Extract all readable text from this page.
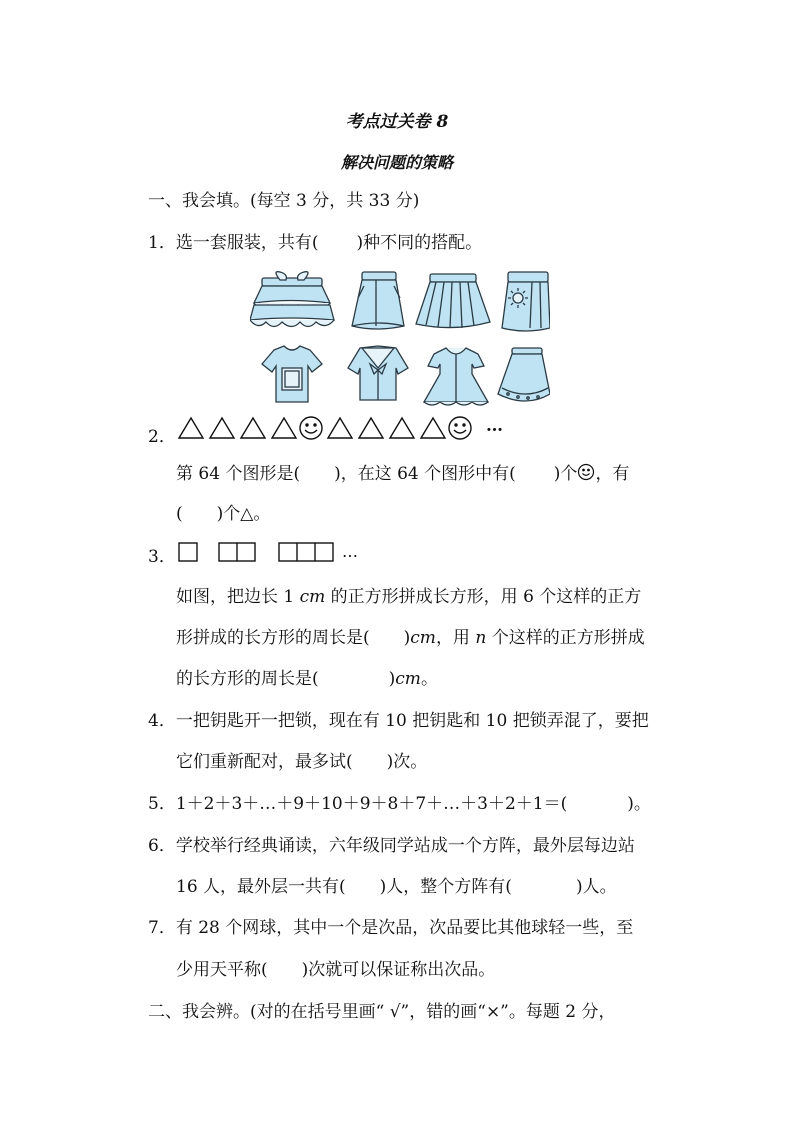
考点过关卷 8
解决问题的策略
一、我会填。(每空 3 分，共 33 分)
1．选一套服装，共有( )种不同的搭配。
2．
…
第 64 个图形是( )，在这 64 个图形中有( )个 ，有
( )个△。
3．	…
如图，把边长 1 cm 的正方形拼成长方形，用 6 个这样的正方
形拼成的长方形的周长是( )cm，用 n 个这样的正方形拼成
的长方形的周长是(	)cm。
4．一把钥匙开一把锁，现在有 10 把钥匙和 10 把锁弄混了，要把
它们重新配对，最多试( )次。
5．1＋2＋3＋…＋9＋10＋9＋8＋7＋…＋3＋2＋1＝(	)。
6．学校举行经典诵读，六年级同学站成一个方阵，最外层每边站
16 人，最外层一共有( )人，整个方阵有(	)人。
7．有 28 个网球，其中一个是次品，次品要比其他球轻一些，至
少用天平称( )次就可以保证称出次品。
二、我会辨。(对的在括号里画“ √”，错的画“×”。每题 2 分，
